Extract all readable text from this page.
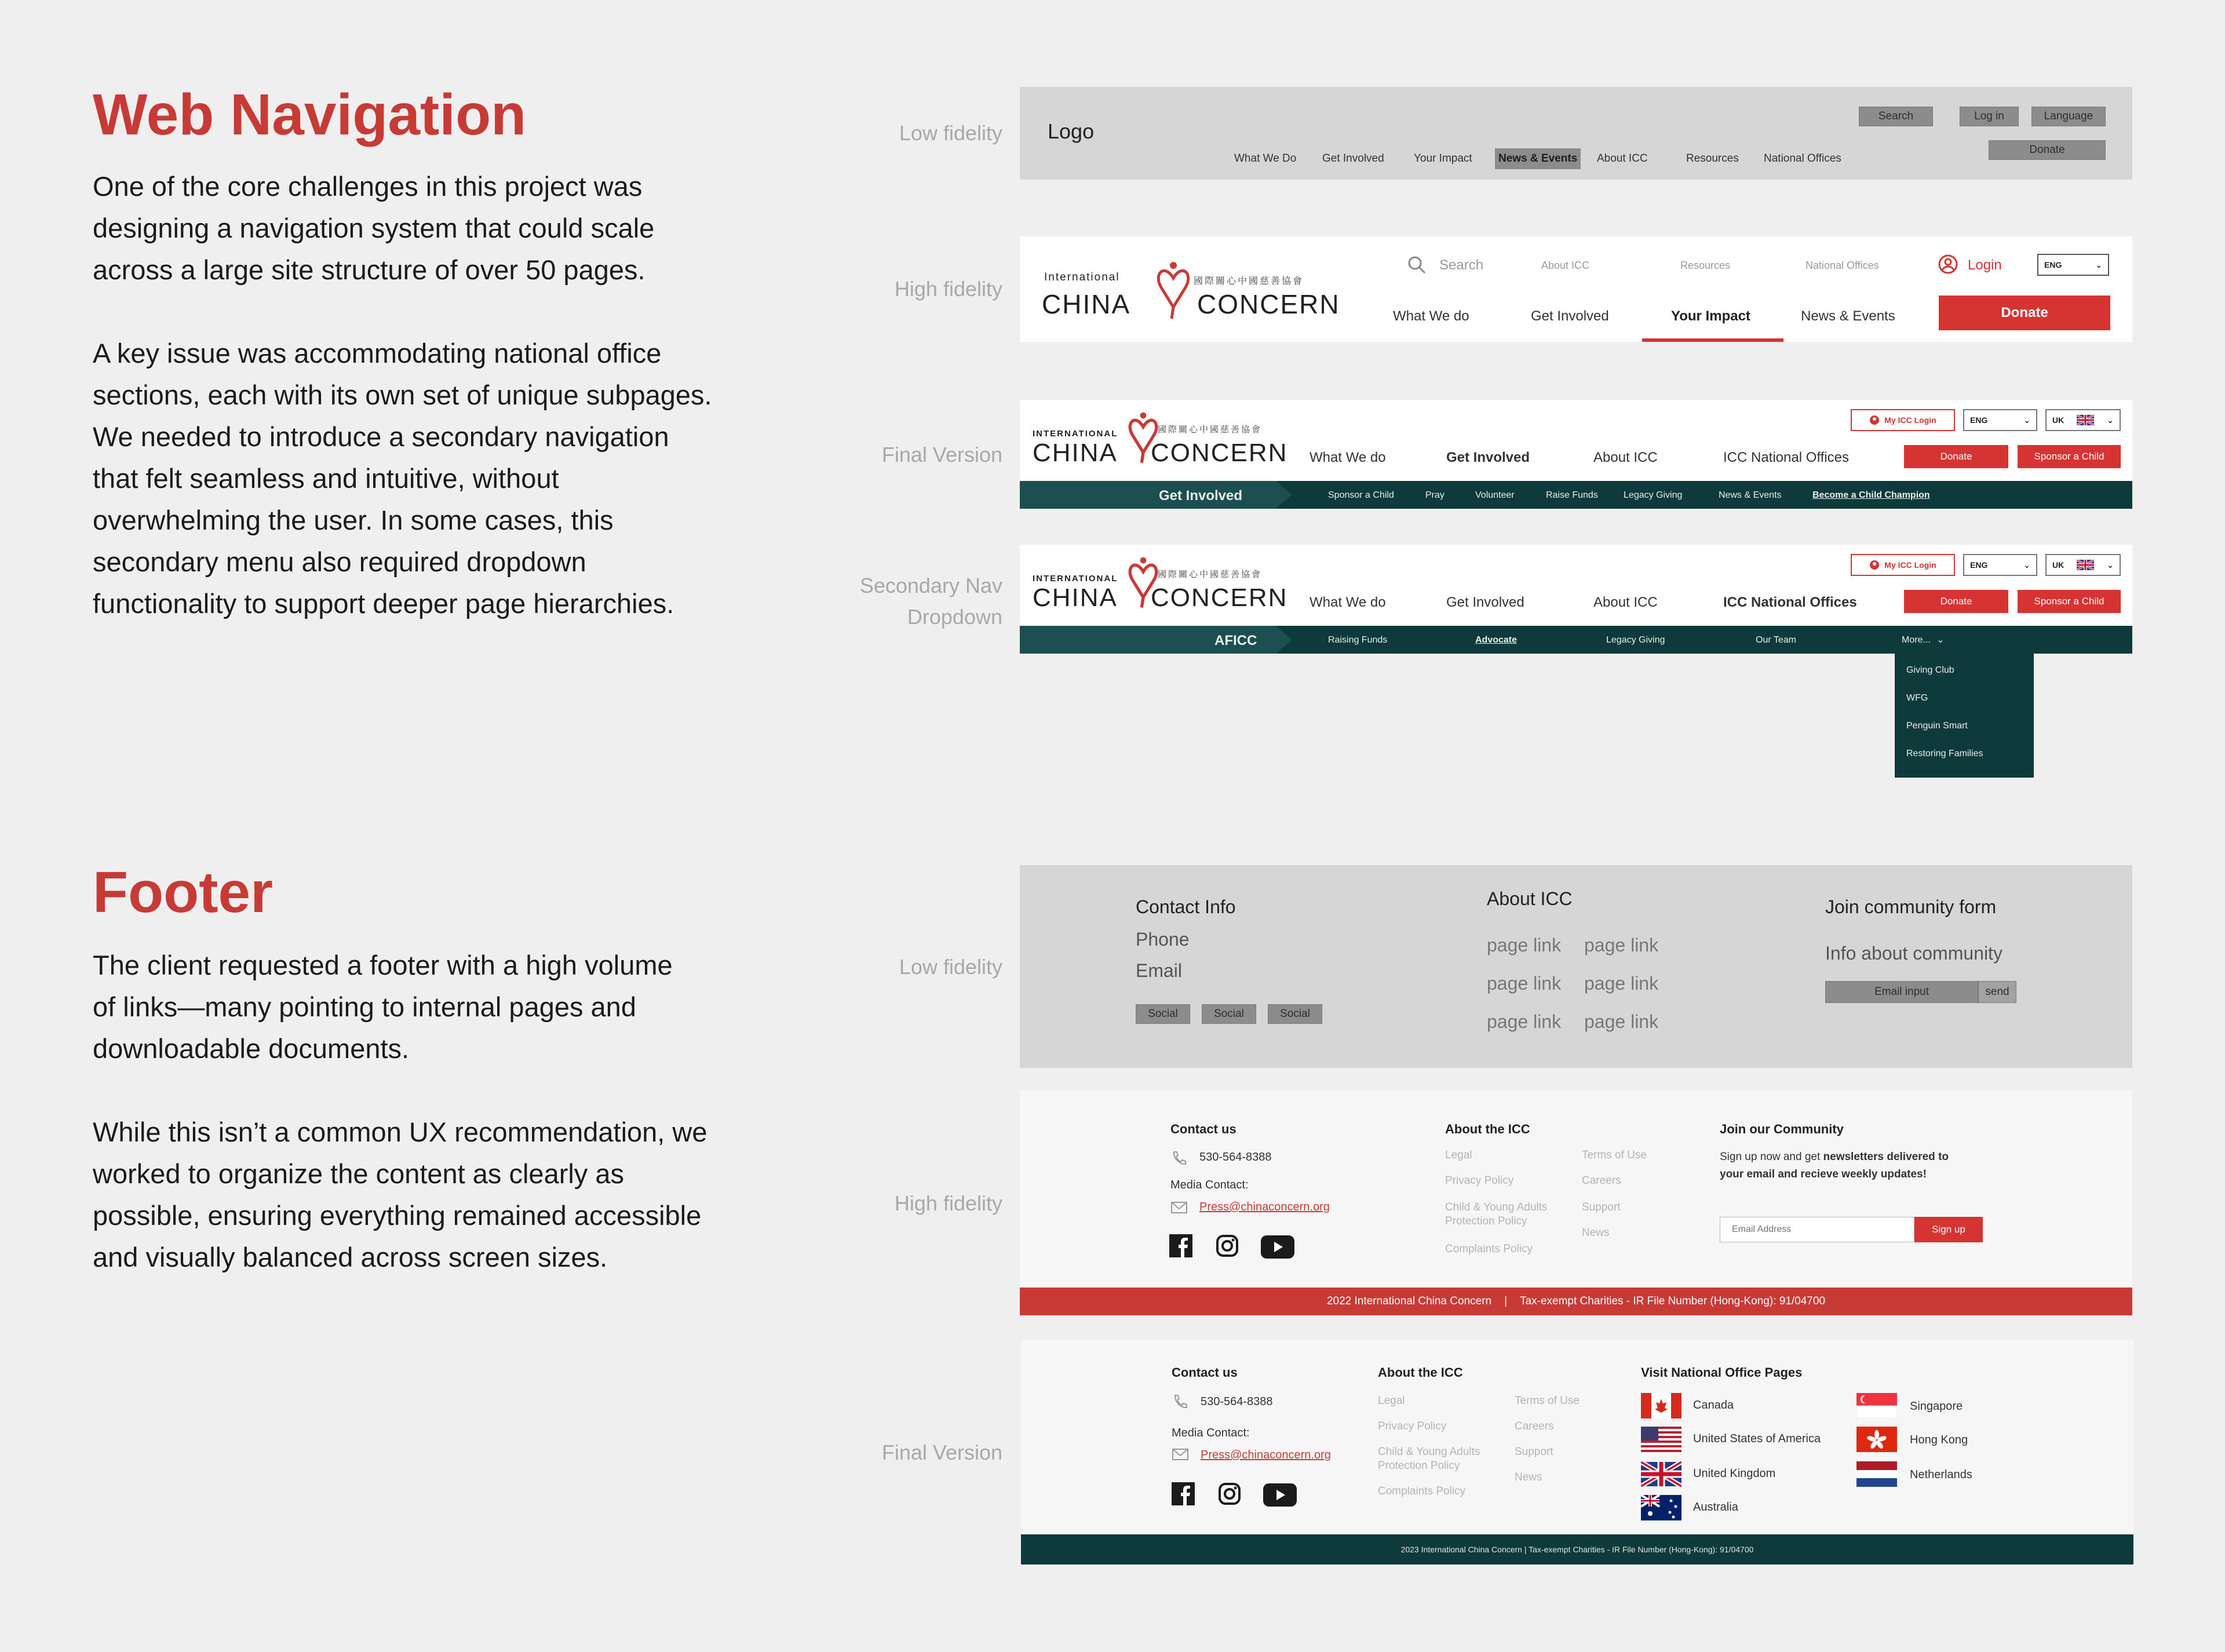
Web Navigation
One of the core challenges in this project was
designing a navigation system that could scale
across a large site structure of over 50 pages.
A key issue was accommodating national office
sections, each with its own set of unique subpages.
We needed to introduce a secondary navigation
that felt seamless and intuitive, without
overwhelming the user. In some cases, this
secondary menu also required dropdown
functionality to support deeper page hierarchies.
Footer
The client requested a footer with a high volume
of links—many pointing to internal pages and
downloadable documents.
While this isn’t a common UX recommendation, we
worked to organize the content as clearly as
possible, ensuring everything remained accessible
and visually balanced across screen sizes.
Low fidelity
High fidelity
Final Version
Secondary Nav
Dropdown
Low fidelity
High fidelity
Final Version
Logo
Search	Log in	Language
Donate
What We Do Get Involved	Your Impact	News & Events	About ICC	Resources National Offices
International
CHINA
國際關心中國慈善協會
CONCERN
Search	About ICC	Resources	National Offices	Login	ENG	⌄
What We do	Get Involved	Your Impact	News & Events	Donate
INTERNATIONAL
CHINA
國際關心中國慈善協會
CONCERN
My ICC Login	ENG	⌄	UK	⌄
What We do	Get Involved	About ICC	ICC National Offices	Donate	Sponsor a Child
Get Involved	Sponsor a Child	Pray	Volunteer	Raise Funds	Legacy Giving	News & Events	Become a Child Champion
INTERNATIONAL
CHINA
國際關心中國慈善協會
CONCERN
My ICC Login	ENG	⌄	UK	⌄
What We do	Get Involved	About ICC	ICC National Offices	Donate	Sponsor a Child
AFICC	Raising Funds	Advocate	Legacy Giving	Our Team	More... ⌄
Giving Club
WFG
Penguin Smart
Restoring Families
Contact Info
Phone
Email
Social	Social	Social
About ICC
page link page link
page link page link
page link page link
Join community form
Info about community
Email input	send
Contact us
530-564-8388
Media Contact:
Press@chinaconcern.org
About the ICC
Legal
Privacy Policy
Child & Young Adults
Protection Policy
Complaints Policy
Terms of Use
Careers
Support
News
Join our Community
Sign up now and get newsletters delivered to
your email and recieve weekly updates!
Email Address
Sign up
2022 International China Concern | Tax-exempt Charities - IR File Number (Hong-Kong): 91/04700
Contact us
530-564-8388
Media Contact:
Press@chinaconcern.org
About the ICC
Legal
Privacy Policy
Child & Young Adults
Protection Policy
Complaints Policy
Terms of Use
Careers
Support
News
Visit National Office Pages
Canada
United States of America
United Kingdom
Australia
Singapore
Hong Kong
Netherlands
2023 International China Concern | Tax-exempt Charities - IR File Number (Hong-Kong): 91/04700
